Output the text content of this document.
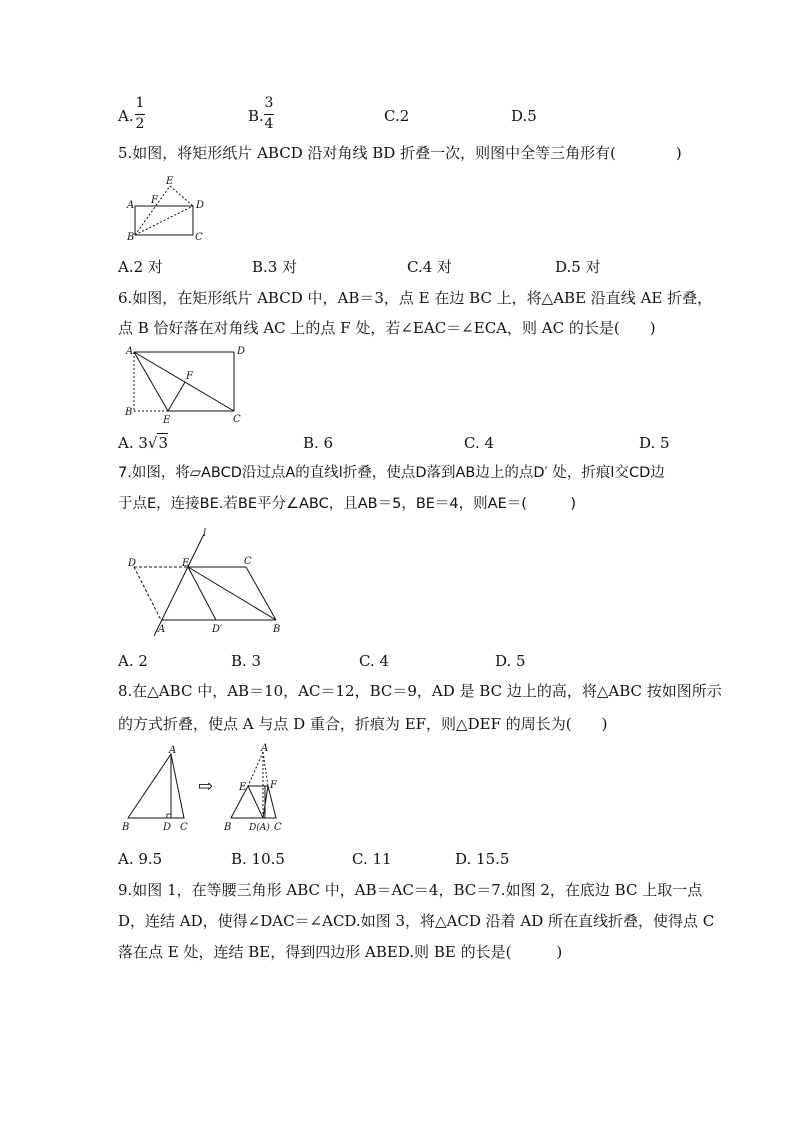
A.
1
2	B.
3
4	C.2	D.5
5.如图，将矩形纸片 ABCD 沿对角线 BD 折叠一次，则图中全等三角形有(　　　　)
E
A F	D
B	C
A.2 对	B.3 对	C.4 对	D.5 对
6.如图，在矩形纸片 ABCD 中，AB＝3，点 E 在边 BC 上，将△ABE 沿直线 AE 折叠，
点 B 恰好落在对角线 AC 上的点 F 处，若∠EAC＝∠ECA，则 AC 的长是(　　)
A	D
F
B
E	C
A. 3√3	B. 6	C. 4	D. 5
7.如图，将▱ABCD沿过点A的直线l折叠，使点D落到AB边上的点D′ 处，折痕l交CD边
于点E，连接BE.若BE平分∠ABC，且AB＝5，BE＝4，则AE＝(　　　)
l
D	E	C
A	D′	B
A. 2	B. 3	C. 4	D. 5
8.在△ABC 中，AB＝10，AC＝12，BC＝9，AD 是 BC 边上的高，将△ABC 按如图所示
的方式折叠，使点 A 与点 D 重合，折痕为 EF，则△DEF 的周长为(　　)
A
B	D C
⇨
A
E F
B D(A) C
A. 9.5	B. 10.5	C. 11	D. 15.5
9.如图 1，在等腰三角形 ABC 中，AB＝AC＝4，BC＝7.如图 2，在底边 BC 上取一点
D，连结 AD，使得∠DAC＝∠ACD.如图 3，将△ACD 沿着 AD 所在直线折叠，使得点 C
落在点 E 处，连结 BE，得到四边形 ABED.则 BE 的长是(　　　)
